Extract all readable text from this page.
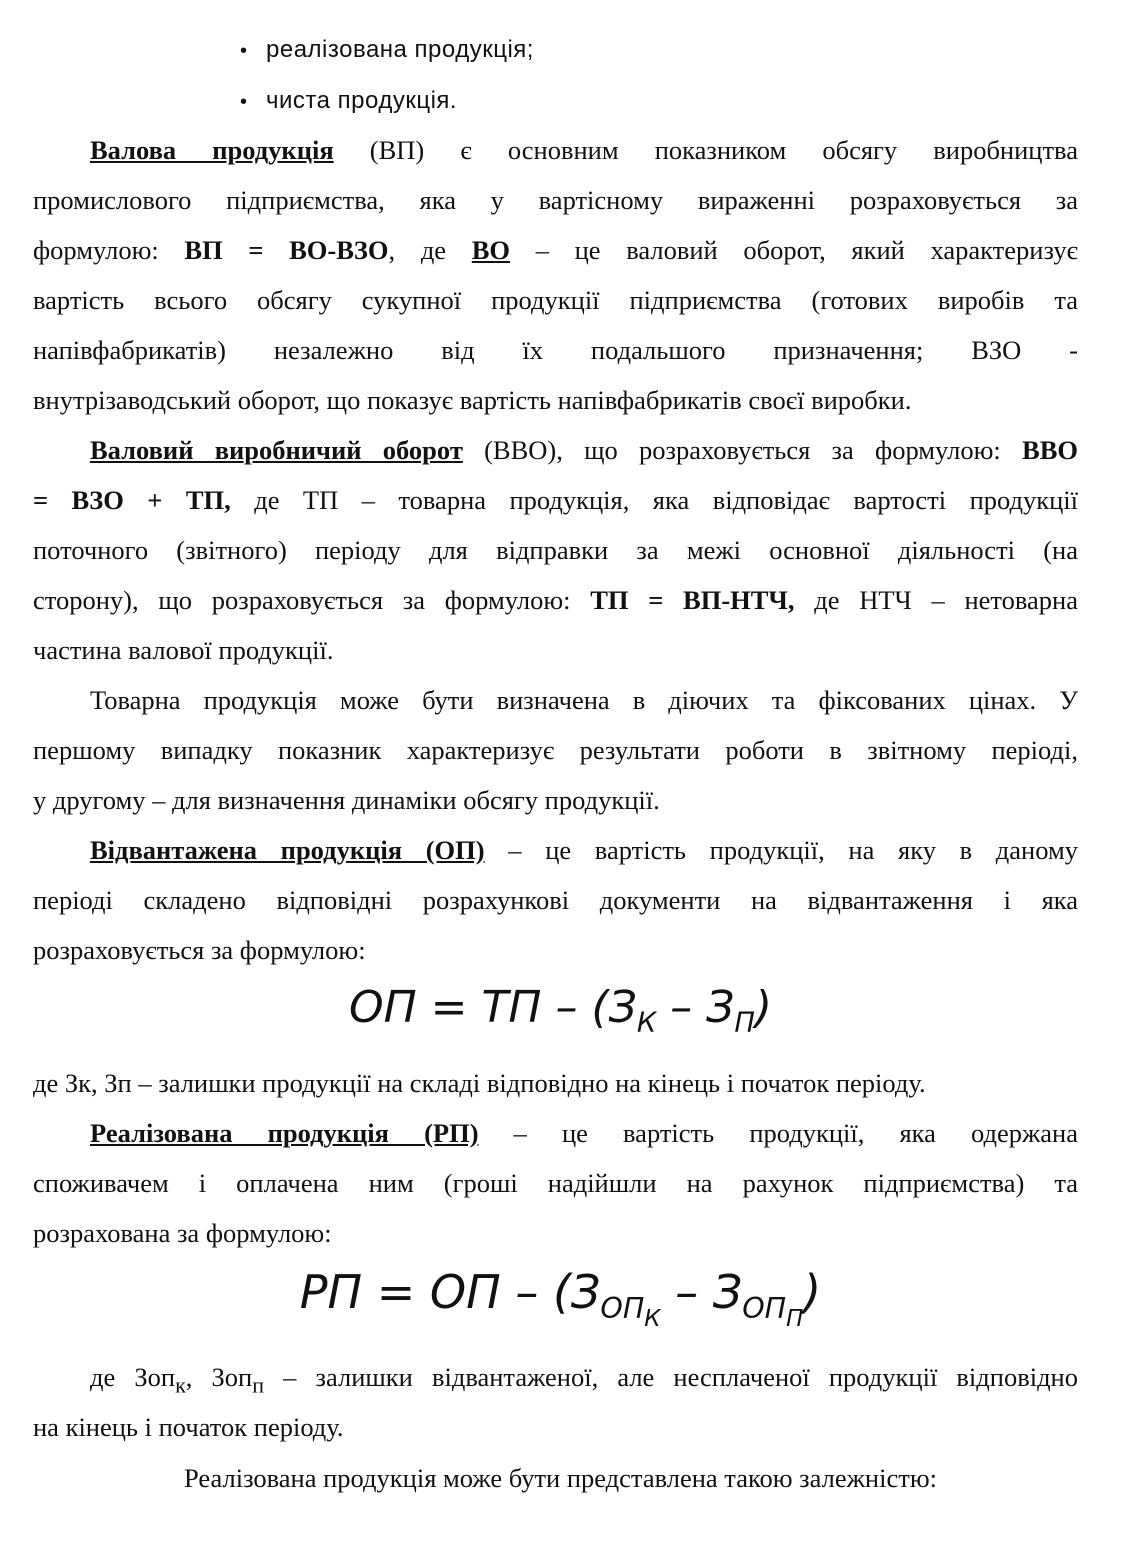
• реалізована продукція;
• чиста продукція.
Валова продукція (ВП) є основним показником обсягу виробництва
промислового підприємства, яка у вартісному вираженні розраховується за
формулою: ВП = ВО-ВЗО, де ВО – це валовий оборот, який характеризує
вартість всього обсягу сукупної продукції підприємства (готових виробів та
напівфабрикатів) незалежно від їх подальшого призначення; ВЗО -
внутрізаводський оборот, що показує вартість напівфабрикатів своєї виробки.
Валовий виробничий оборот (ВВО), що розраховується за формулою: ВВО
= ВЗО + ТП, де ТП – товарна продукція, яка відповідає вартості продукції
поточного (звітного) періоду для відправки за межі основної діяльності (на
сторону), що розраховується за формулою: ТП = ВП-НТЧ, де НТЧ – нетоварна
частина валової продукції.
Товарна продукція може бути визначена в діючих та фіксованих цінах. У
першому випадку показник характеризує результати роботи в звітному періоді,
у другому – для визначення динаміки обсягу продукції.
Відвантажена продукція (ОП) – це вартість продукції, на яку в даному
періоді складено відповідні розрахункові документи на відвантаження і яка
розраховується за формулою:
ОП = ТП – $(З_К - З_П)$
де Зк, Зп – залишки продукції на складі відповідно на кінець і початок періоду.
Реалізована продукція (РП) – це вартість продукції, яка одержана
споживачем і оплачена ним (гроші надійшли на рахунок підприємства) та
розрахована за формулою:
РП = ОП – $(З_{ОП_К} - З_{ОП_П})$
де Зоп$_к$, Зоп$_п$ – залишки відвантаженої, але несплаченої продукції відповідно
на кінець і початок періоду.
Реалізована продукція може бути представлена такою залежністю:
